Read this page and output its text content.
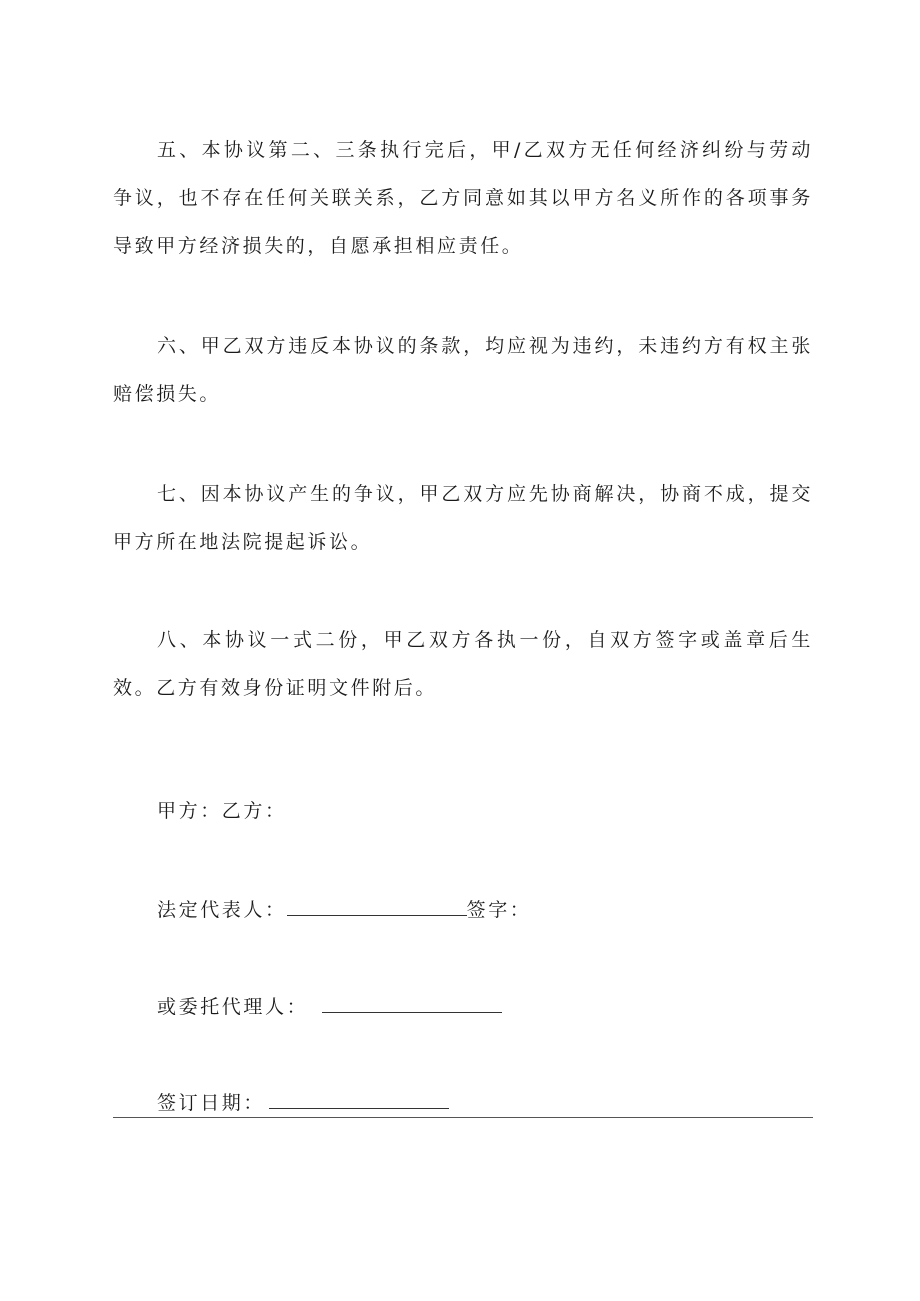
五、本协议第二、三条执行完后，甲/乙双方无任何经济纠纷与劳动争议，也不存在任何关联关系，乙方同意如其以甲方名义所作的各项事务导致甲方经济损失的，自愿承担相应责任。

六、甲乙双方违反本协议的条款，均应视为违约，未违约方有权主张赔偿损失。

七、因本协议产生的争议，甲乙双方应先协商解决，协商不成，提交甲方所在地法院提起诉讼。

八、本协议一式二份，甲乙双方各执一份，自双方签字或盖章后生效。乙方有效身份证明文件附后。

甲方：乙方：
法定代表人：	签字：
或委托代理人：
签订日期：
